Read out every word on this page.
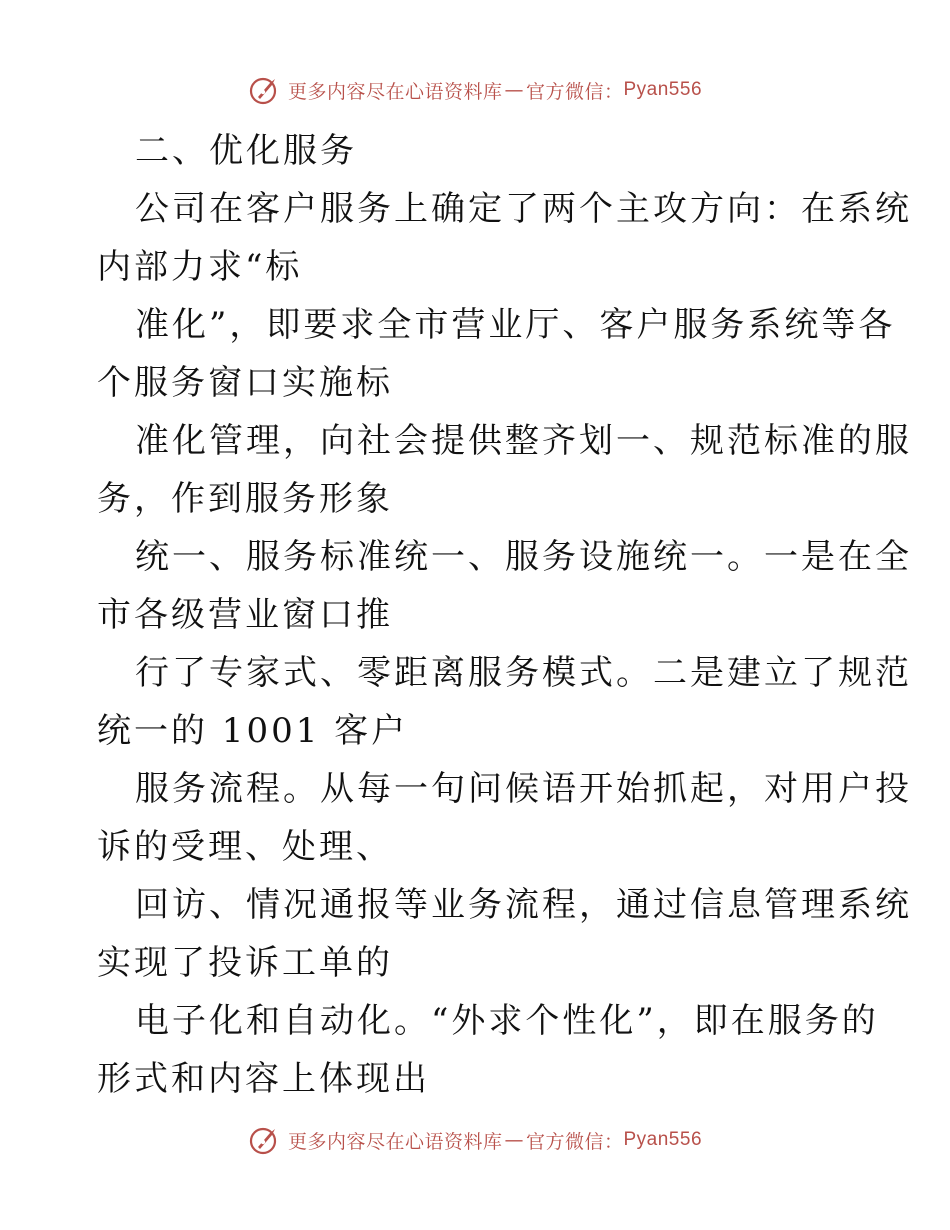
更多内容尽在心语资料库 — 官方微信： Pyan556
二、优化服务
公司在客户服务上确定了两个主攻方向：在系统
内部力求“标
准化”，即要求全市营业厅、客户服务系统等各
个服务窗口实施标
准化管理，向社会提供整齐划一、规范标准的服
务，作到服务形象
统一、服务标准统一、服务设施统一。一是在全
市各级营业窗口推
行了专家式、零距离服务模式。二是建立了规范
统一的 1001 客户
服务流程。从每一句问候语开始抓起，对用户投
诉的受理、处理、
回访、情况通报等业务流程，通过信息管理系统
实现了投诉工单的
电子化和自动化。“外求个性化”，即在服务的
形式和内容上体现出
更多内容尽在心语资料库 — 官方微信： Pyan556
